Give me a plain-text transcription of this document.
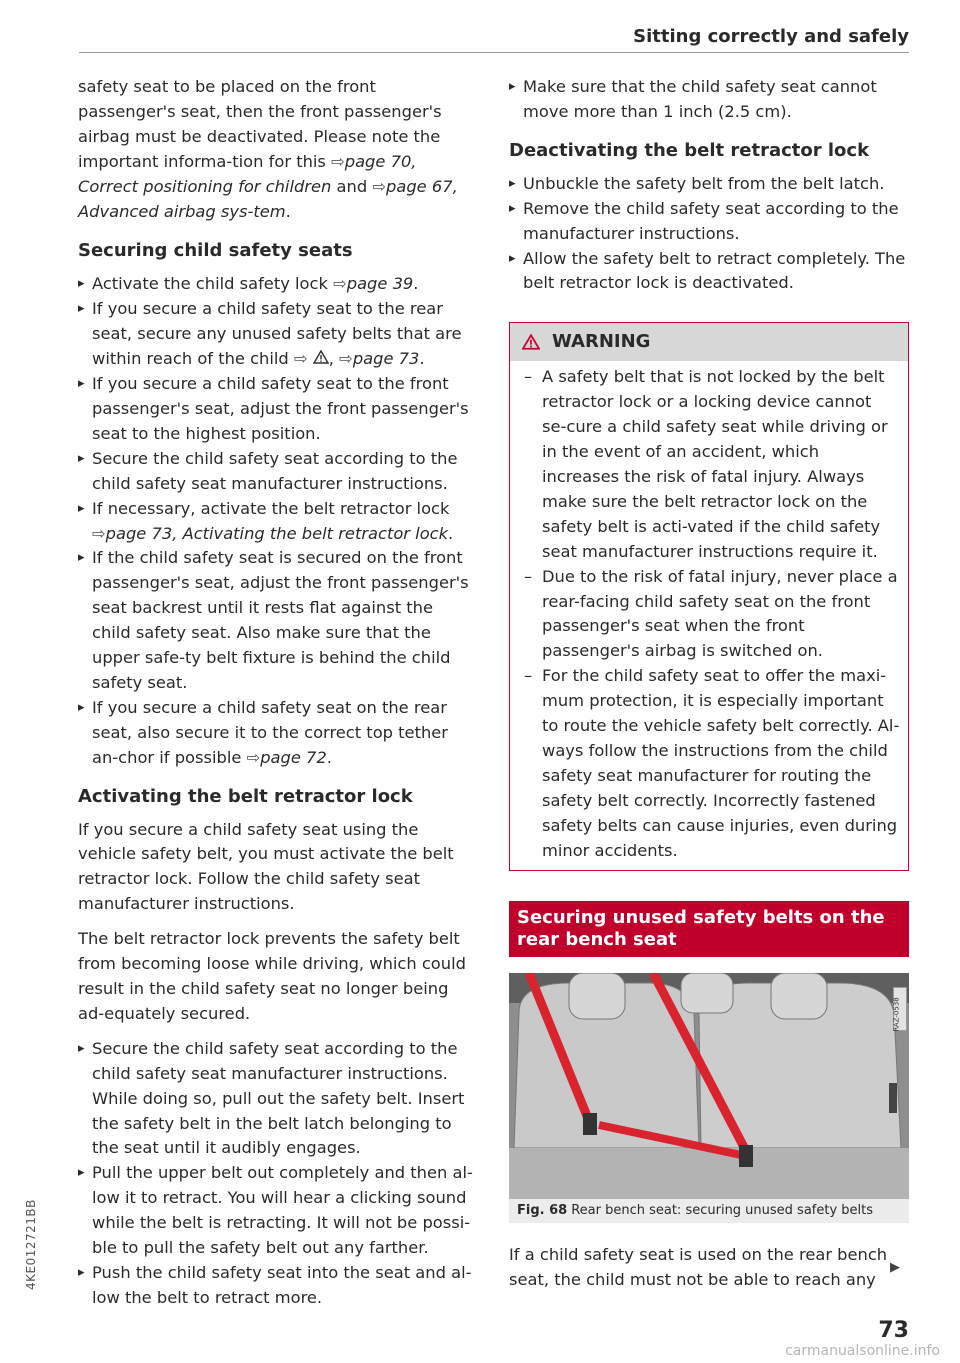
Sitting correctly and safely

safety seat to be placed on the front passenger's seat, then the front passenger's airbag must be deactivated. Please note the important informa-tion for this ⇨page 70, Correct positioning for children and ⇨page 67, Advanced airbag sys-tem.

Securing child safety seats

▸ Activate the child safety lock ⇨page 39.

▸ If you secure a child safety seat to the rear seat, secure any unused safety belts that are within reach of the child ⇨ , ⇨page 73.

▸ If you secure a child safety seat to the front passenger's seat, adjust the front passenger's seat to the highest position.

▸ Secure the child safety seat according to the child safety seat manufacturer instructions.

▸ If necessary, activate the belt retractor lock ⇨page 73, Activating the belt retractor lock.

▸ If the child safety seat is secured on the front passenger's seat, adjust the front passenger's seat backrest until it rests flat against the child safety seat. Also make sure that the upper safe-ty belt fixture is behind the child safety seat.

▸ If you secure a child safety seat on the rear seat, also secure it to the correct top tether an-chor if possible ⇨page 72.

Activating the belt retractor lock

If you secure a child safety seat using the vehicle safety belt, you must activate the belt retractor lock. Follow the child safety seat manufacturer instructions.

The belt retractor lock prevents the safety belt from becoming loose while driving, which could result in the child safety seat no longer being ad-equately secured.

▸ Secure the child safety seat according to the child safety seat manufacturer instructions. While doing so, pull out the safety belt. Insert the safety belt in the belt latch belonging to the seat until it audibly engages.

▸ Pull the upper belt out completely and then al-low it to retract. You will hear a clicking sound while the belt is retracting. It will not be possi-ble to pull the safety belt out any farther.

▸ Push the child safety seat into the seat and al-low the belt to retract more.

▸ Make sure that the child safety seat cannot move more than 1 inch (2.5 cm).

Deactivating the belt retractor lock

▸ Unbuckle the safety belt from the belt latch.

▸ Remove the child safety seat according to the manufacturer instructions.

▸ Allow the safety belt to retract completely. The belt retractor lock is deactivated.

WARNING

– A safety belt that is not locked by the belt retractor lock or a locking device cannot se-cure a child safety seat while driving or in the event of an accident, which increases the risk of fatal injury. Always make sure the belt retractor lock on the safety belt is acti-vated if the child safety seat manufacturer instructions require it.

– Due to the risk of fatal injury, never place a rear-facing child safety seat on the front passenger's seat when the front passenger's airbag is switched on.

– For the child safety seat to offer the maxi-mum protection, it is especially important to route the vehicle safety belt correctly. Al-ways follow the instructions from the child safety seat manufacturer for routing the safety belt correctly. Incorrectly fastened safety belts can cause injuries, even during minor accidents.

Securing unused safety belts on the rear bench seat
RAZ-0538
Fig. 68 Rear bench seat: securing unused safety belts

If a child safety seat is used on the rear bench seat, the child must not be able to reach any

▶
73
4KE012721BB
carmanualsonline.info
